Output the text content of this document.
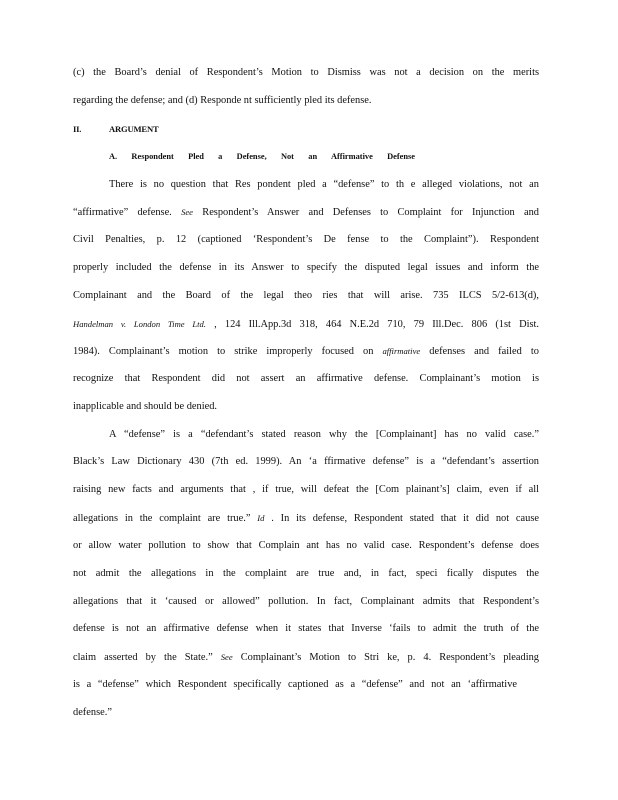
(c) the Board’s denial of Respondent’s Motion to Dismiss was not a decision on the merits
regarding the defense; and (d) Responde nt sufficiently pled its defense.
II.	ARGUMENT
A. Respondent Pled a Defense, Not an Affirmative Defense
There is no question that Res pondent pled a “defense” to th e alleged violations, not an
“affirmative” defense. See Respondent’s Answer and Defenses to Complaint for Injunction and
Civil Penalties, p. 12 (captioned ‘Respondent’s De fense to the Complaint”). Respondent
properly included the defense in its Answer to specify the disputed legal issues and inform the
Complainant and the Board of the legal theo ries that will arise. 735 ILCS 5/2-613(d),
Handelman v. London Time Ltd. , 124 Ill.App.3d 318, 464 N.E.2d 710, 79 Ill.Dec. 806 (1st Dist.
1984). Complainant’s motion to strike improperly focused on affirmative defenses and failed to
recognize that Respondent did not assert an affirmative defense. Complainant’s motion is
inapplicable and should be denied.
A “defense” is a “defendant’s stated reason why the [Complainant] has no valid case.”
Black’s Law Dictionary 430 (7th ed. 1999). An ‘a ffirmative defense” is a “defendant’s assertion
raising new facts and arguments that , if true, will defeat the [Com plainant’s] claim, even if all
allegations in the complaint are true.” Id . In its defense, Respondent stated that it did not cause
or allow water pollution to show that Complain ant has no valid case. Respondent’s defense does
not admit the allegations in the complaint are true and, in fact, speci fically disputes the
allegations that it ‘caused or allowed” pollution. In fact, Complainant admits that Respondent’s
defense is not an affirmative defense when it states that Inverse ‘fails to admit the truth of the
claim asserted by the State.” See Complainant’s Motion to Stri ke, p. 4. Respondent’s pleading
is a “defense” which Respondent specifically captioned as a “defense” and not an ‘affirmative
defense.”
